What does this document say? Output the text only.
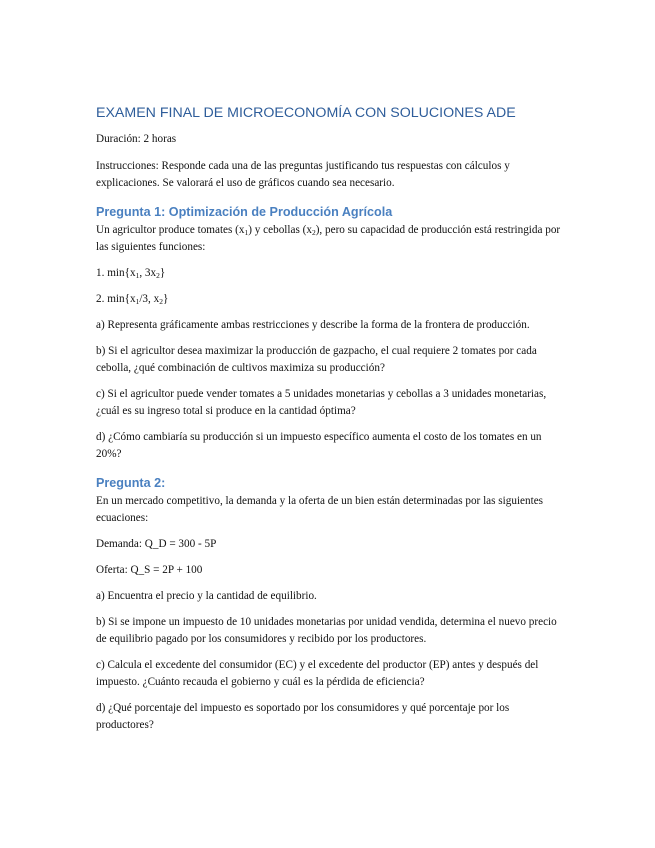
EXAMEN FINAL DE MICROECONOMÍA CON SOLUCIONES ADE

Duración: 2 horas

Instrucciones: Responde cada una de las preguntas justificando tus respuestas con cálculos y explicaciones. Se valorará el uso de gráficos cuando sea necesario.

Pregunta 1: Optimización de Producción Agrícola

Un agricultor produce tomates $(x_1)$ y cebollas $(x_2)$, pero su capacidad de producción está restringida por las siguientes funciones:

1. $\min\{x_1$, $3x_2$}

2. $\min\{x_1/3$, $x_2$}

a) Representa gráficamente ambas restricciones y describe la forma de la frontera de producción.

b) Si el agricultor desea maximizar la producción de gazpacho, el cual requiere 2 tomates por cada cebolla, ¿qué combinación de cultivos maximiza su producción?

c) Si el agricultor puede vender tomates a 5 unidades monetarias y cebollas a 3 unidades monetarias, ¿cuál es su ingreso total si produce en la cantidad óptima?

d) ¿Cómo cambiaría su producción si un impuesto específico aumenta el costo de los tomates en un 20%?

Pregunta 2:

En un mercado competitivo, la demanda y la oferta de un bien están determinadas por las siguientes ecuaciones:

Demanda: Q_D = 300 - 5P

Oferta: Q_S = 2P + 100

a) Encuentra el precio y la cantidad de equilibrio.

b) Si se impone un impuesto de 10 unidades monetarias por unidad vendida, determina el nuevo precio de equilibrio pagado por los consumidores y recibido por los productores.

c) Calcula el excedente del consumidor (EC) y el excedente del productor (EP) antes y después del impuesto. ¿Cuánto recauda el gobierno y cuál es la pérdida de eficiencia?

d) ¿Qué porcentaje del impuesto es soportado por los consumidores y qué porcentaje por los productores?
